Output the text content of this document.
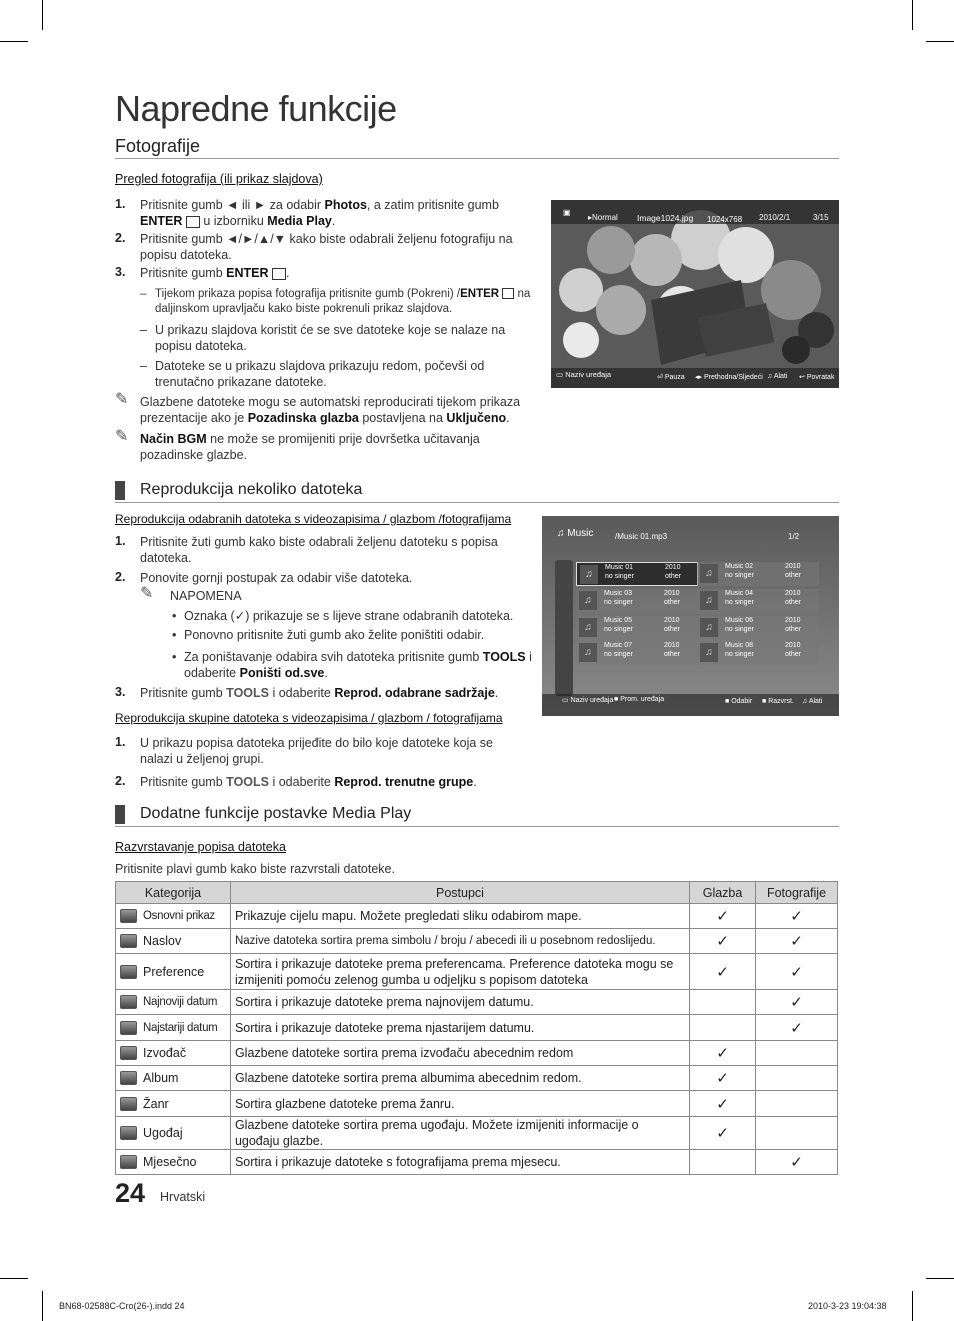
Napredne funkcije
Fotografije
Pregled fotografija (ili prikaz slajdova)
1. Pritisnite gumb ◄ ili ► za odabir Photos, a zatim pritisnite gumb
ENTER  u izborniku Media Play.
2. Pritisnite gumb ◄/►/▲/▼ kako biste odabrali željenu fotografiju na popisu datoteka.
3. Pritisnite gumb ENTER .
– Tijekom prikaza popisa fotografija pritisnite gumb (Pokreni) /ENTER  na daljinskom upravljaču kako biste pokrenuli prikaz slajdova.
– U prikazu slajdova koristit će se sve datoteke koje se nalaze na popisu datoteka.
– Datoteke se u prikazu slajdova prikazuju redom, počevši od trenutačno prikazane datoteke.
✎ Glazbene datoteke mogu se automatski reproducirati tijekom prikaza prezentacije ako je Pozadinska glazba postavljena na Uključeno.
✎ Način BGM ne može se promijeniti prije dovršetka učitavanja pozadinske glazbe.
▣
▸Normal Image1024.jpg 1024x768 2010/2/1	3/15
▭ Naziv uređaja	⏎ Pauza ◂▸ Prethodna/Sljedeći ♫ Alati ↩ Povratak
Reprodukcija nekoliko datoteka
Reprodukcija odabranih datoteka s videozapisima / glazbom /fotografijama
1. Pritisnite žuti gumb kako biste odabrali željenu datoteku s popisa datoteka.
2. Ponovite gornji postupak za odabir više datoteka.
✎ NAPOMENA
• Oznaka (✓) prikazuje se s lijeve strane odabranih datoteka.
• Ponovno pritisnite žuti gumb ako želite poništiti odabir.
• Za poništavanje odabira svih datoteka pritisnite gumb TOOLS i odaberite Poništi od.sve.
3. Pritisnite gumb TOOLS i odaberite Reprod. odabrane sadržaje.
Reprodukcija skupine datoteka s videozapisima / glazbom / fotografijama
1. U prikazu popisa datoteka prijeđite do bilo koje datoteke koja se nalazi u željenoj grupi.
2. Pritisnite gumb TOOLS i odaberite Reprod. trenutne grupe.
♫ Music	/Music 01.mp3	1/2
▭ Naziv uređaja ■ Prom. uređaja	■ Odabir ■ Razvrst. ♫ Alati
♫
Music 01
no singer
2010
other	♫
Music 02
no singer
2010
other
♫
Music 03
no singer
2010
other	♫
Music 04
no singer
2010
other
♫
Music 05
no singer
2010
other	♫
Music 06
no singer
2010
other
♫
Music 07
no singer
2010
other	♫
Music 08
no singer
2010
other
Dodatne funkcije postavke Media Play
Razvrstavanje popisa datoteka
Pritisnite plavi gumb kako biste razvrstali datoteke.
Kategorija	Postupci	Glazba	Fotografije

Osnovni prikaz	Prikazuje cijelu mapu. Možete pregledati sliku odabirom mape.	✓	✓

Naslov	Nazive datoteka sortira prema simbolu / broju / abecedi ili u posebnom redoslijedu.	✓	✓

Preference	Sortira i prikazuje datoteke prema preferencama. Preference datoteka mogu se izmijeniti pomoću zelenog gumba u odjeljku s popisom datoteka	✓	✓

Najnoviji datum	Sortira i prikazuje datoteke prema najnovijem datumu.		✓

Najstariji datum	Sortira i prikazuje datoteke prema njastarijem datumu.		✓

Izvođač	Glazbene datoteke sortira prema izvođaču abecednim redom	✓	

Album	Glazbene datoteke sortira prema albumima abecednim redom.	✓	

Žanr	Sortira glazbene datoteke prema žanru.	✓	

Ugođaj	Glazbene datoteke sortira prema ugođaju. Možete izmijeniti informacije o ugođaju glazbe.	✓	

Mjesečno	Sortira i prikazuje datoteke s fotografijama prema mjesecu.		✓
24 Hrvatski
BN68-02588C-Cro(26-).indd 24	2010-3-23 19:04:38
